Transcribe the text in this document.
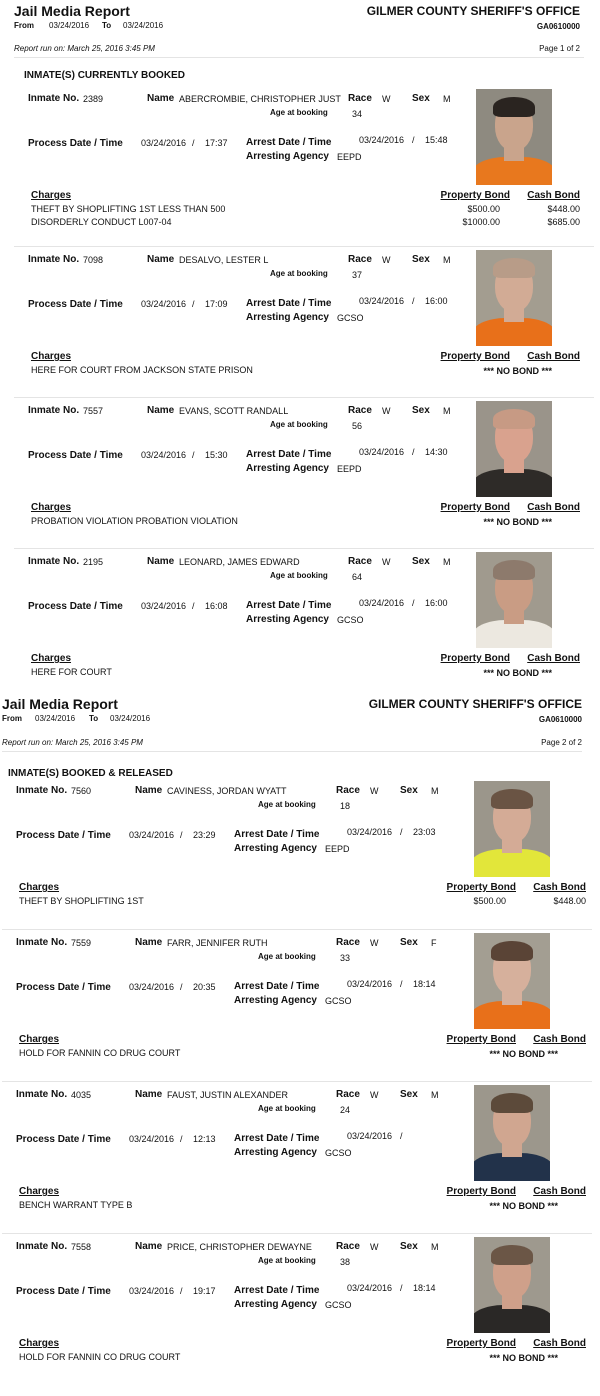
Jail Media Report	GILMER COUNTY SHERIFF'S OFFICE
From 03/24/2016 To 03/24/2016	GA0610000
Report run on: March 25, 2016 3:45 PM	Page 1 of 2
INMATE(S) CURRENTLY BOOKED
Inmate No. 2389	Name ABERCROMBIE, CHRISTOPHER JUST Race W Sex M
Age at booking	34
Process Date / Time 03/24/2016 / 17:37 Arrest Date / Time	03/24/2016 / 15:48
Arresting Agency EEPD
Charges	Property Bond Cash Bond
THEFT BY SHOPLIFTING 1ST LESS THAN 500	$500.00	$448.00
DISORDERLY CONDUCT L007-04	$1000.00	$685.00
Inmate No. 7098	Name DESALVO, LESTER L	Race W Sex M
Age at booking	37
Process Date / Time 03/24/2016 / 17:09 Arrest Date / Time	03/24/2016 / 16:00
Arresting Agency GCSO
Charges	Property Bond Cash Bond
HERE FOR COURT FROM JACKSON STATE PRISON	*** NO BOND ***
Inmate No. 7557	Name EVANS, SCOTT RANDALL	Race W Sex M
Age at booking	56
Process Date / Time 03/24/2016 / 15:30 Arrest Date / Time	03/24/2016 / 14:30
Arresting Agency EEPD
Charges	Property Bond Cash Bond
PROBATION VIOLATION PROBATION VIOLATION	*** NO BOND ***
Inmate No. 2195	Name LEONARD, JAMES EDWARD	Race W Sex M
Age at booking	64
Process Date / Time 03/24/2016 / 16:08 Arrest Date / Time	03/24/2016 / 16:00
Arresting Agency GCSO
Charges	Property Bond Cash Bond
HERE FOR COURT	*** NO BOND ***
Jail Media Report	GILMER COUNTY SHERIFF'S OFFICE
From 03/24/2016 To 03/24/2016	GA0610000
Report run on: March 25, 2016 3:45 PM	Page 2 of 2
INMATE(S) BOOKED & RELEASED
Inmate No. 7560	Name CAVINESS, JORDAN WYATT	Race W Sex M
Age at booking	18
Process Date / Time 03/24/2016 / 23:29 Arrest Date / Time	03/24/2016 / 23:03
Arresting Agency EEPD
Charges	Property Bond Cash Bond
THEFT BY SHOPLIFTING 1ST	$500.00	$448.00
Inmate No. 7559	Name FARR, JENNIFER RUTH	Race W Sex F
Age at booking	33
Process Date / Time 03/24/2016 / 20:35 Arrest Date / Time	03/24/2016 / 18:14
Arresting Agency GCSO
Charges	Property Bond Cash Bond
HOLD FOR FANNIN CO DRUG COURT	*** NO BOND ***
Inmate No. 4035	Name FAUST, JUSTIN ALEXANDER	Race W Sex M
Age at booking	24
Process Date / Time 03/24/2016 / 12:13 Arrest Date / Time	03/24/2016 /
Arresting Agency GCSO
Charges	Property Bond Cash Bond
BENCH WARRANT TYPE B	*** NO BOND ***
Inmate No. 7558	Name PRICE, CHRISTOPHER DEWAYNE Race W Sex M
Age at booking	38
Process Date / Time 03/24/2016 / 19:17 Arrest Date / Time	03/24/2016 / 18:14
Arresting Agency GCSO
Charges	Property Bond Cash Bond
HOLD FOR FANNIN CO DRUG COURT	*** NO BOND ***
